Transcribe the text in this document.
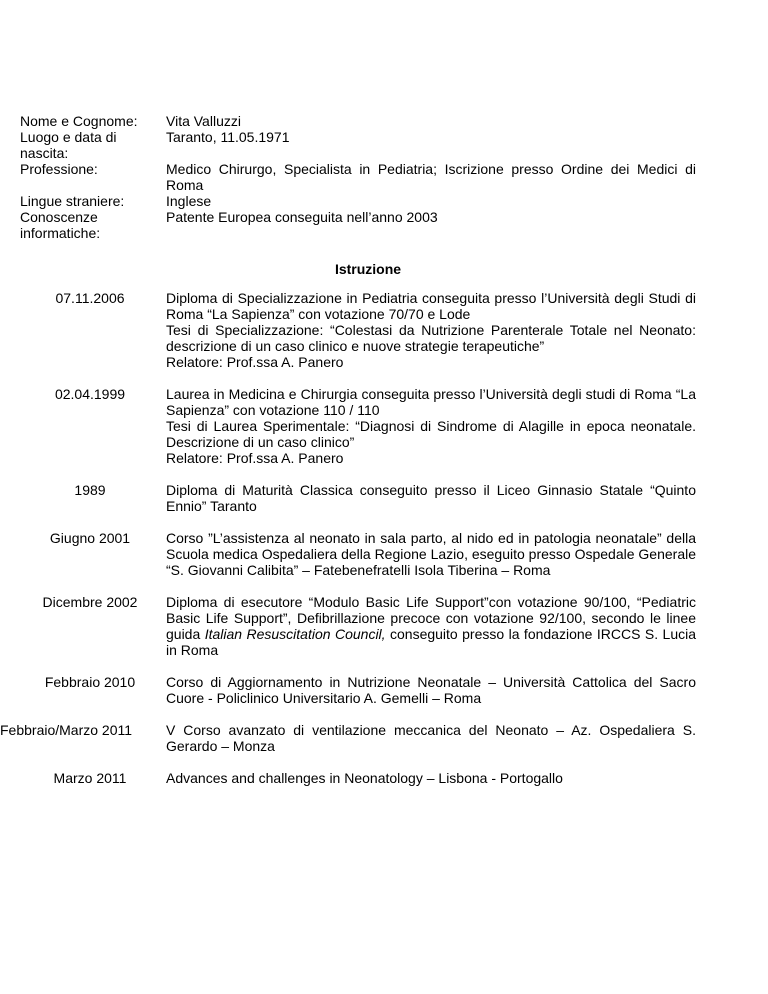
Nome e Cognome:	Vita Valluzzi
Luogo e data di nascita:
Taranto, 11.05.1971
Professione:	Medico Chirurgo, Specialista in Pediatria; Iscrizione presso Ordine dei Medici di Roma
Lingue straniere:	Inglese
Conoscenze informatiche:
Patente Europea conseguita nell’anno 2003
Istruzione
07.11.2006	Diploma di Specializzazione in Pediatria conseguita presso l’Università degli Studi di Roma “La Sapienza” con votazione 70/70 e Lode
Tesi di Specializzazione: “Colestasi da Nutrizione Parenterale Totale nel Neonato: descrizione di un caso clinico e nuove strategie terapeutiche”
Relatore: Prof.ssa A. Panero
02.04.1999	Laurea in Medicina e Chirurgia conseguita presso l’Università degli studi di Roma “La Sapienza” con votazione 110 / 110
Tesi di Laurea Sperimentale: “Diagnosi di Sindrome di Alagille in epoca neonatale. Descrizione di un caso clinico”
Relatore: Prof.ssa A. Panero
1989	Diploma di Maturità Classica conseguito presso il Liceo Ginnasio Statale “Quinto Ennio” Taranto
Giugno 2001	Corso ”L’assistenza al neonato in sala parto, al nido ed in patologia neonatale” della Scuola medica Ospedaliera della Regione Lazio, eseguito presso Ospedale Generale “S. Giovanni Calibita” – Fatebenefratelli Isola Tiberina – Roma
Dicembre 2002	Diploma di esecutore “Modulo Basic Life Support”con votazione 90/100, “Pediatric Basic Life Support”, Defibrillazione precoce con votazione 92/100, secondo le linee guida Italian Resuscitation Council, conseguito presso la fondazione IRCCS S. Lucia in Roma
Febbraio 2010	Corso di Aggiornamento in Nutrizione Neonatale – Università Cattolica del Sacro Cuore - Policlinico Universitario A. Gemelli – Roma
Febbraio/Marzo 2011	V Corso avanzato di ventilazione meccanica del Neonato – Az. Ospedaliera S. Gerardo – Monza
Marzo 2011	Advances and challenges in Neonatology – Lisbona - Portogallo
